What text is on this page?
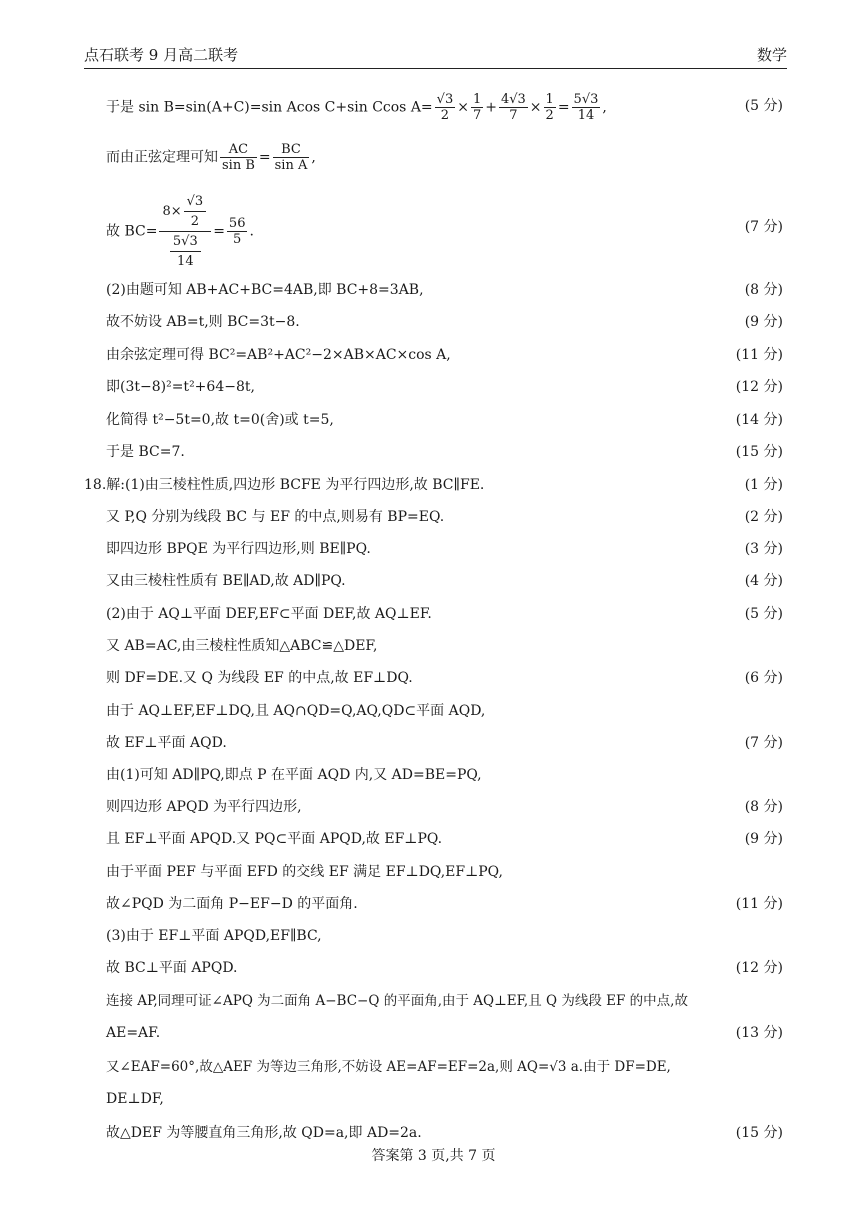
点石联考 9 月高二联考	数学
于是 sin B=sin(A+C)=sin Acos C+sin Ccos $A= \frac{√3}{2} \times \frac{1}{7} + \frac{4√3}{7} \times \frac{1}{2} = \frac{5√3}{14}$ ,	(5 分)
而由正弦定理可知 $\frac{AC}{\text{sin B}} = \frac{BC}{\text{sin A}}$ ,
故 $BC= \frac{8\times \frac{√3}{2}}{\frac{5√3}{14}} = \frac{56}{5}$ .	(7 分)
(2)由题可知 AB+AC+BC=4AB,即 BC+8=3AB,	(8 分)
故不妨设 AB=t,则 BC=3t−8.	(9 分)
由余弦定理可得 BC²=AB²+AC²−2×AB×AC×cos A,	(11 分)
即(3t−8)²=t²+64−8t,	(12 分)
化简得 t²−5t=0,故 t=0(舍)或 t=5,	(14 分)
于是 BC=7.	(15 分)
18.解:(1)由三棱柱性质,四边形 BCFE 为平行四边形,故 BC∥FE.	(1 分)
又 P,Q 分别为线段 BC 与 EF 的中点,则易有 BP=EQ.	(2 分)
即四边形 BPQE 为平行四边形,则 BE∥PQ.	(3 分)
又由三棱柱性质有 BE∥AD,故 AD∥PQ.	(4 分)
(2)由于 AQ⊥平面 DEF,EF⊂平面 DEF,故 AQ⊥EF.	(5 分)
又 AB=AC,由三棱柱性质知△ABC≌△DEF,
则 DF=DE.又 Q 为线段 EF 的中点,故 EF⊥DQ.	(6 分)
由于 AQ⊥EF,EF⊥DQ,且 AQ∩QD=Q,AQ,QD⊂平面 AQD,
故 EF⊥平面 AQD.	(7 分)
由(1)可知 AD∥PQ,即点 P 在平面 AQD 内,又 AD=BE=PQ,
则四边形 APQD 为平行四边形,	(8 分)
且 EF⊥平面 APQD.又 PQ⊂平面 APQD,故 EF⊥PQ.	(9 分)
由于平面 PEF 与平面 EFD 的交线 EF 满足 EF⊥DQ,EF⊥PQ,
故∠PQD 为二面角 P−EF−D 的平面角.	(11 分)
(3)由于 EF⊥平面 APQD,EF∥BC,
故 BC⊥平面 APQD.	(12 分)
连接 AP,同理可证∠APQ 为二面角 A−BC−Q 的平面角,由于 AQ⊥EF,且 Q 为线段 EF 的中点,故
AE=AF.	(13 分)
又∠EAF=60°,故△AEF 为等边三角形,不妨设 AE=AF=EF=2a,则 AQ=√3 a.由于 DF=DE,
DE⊥DF,
故△DEF 为等腰直角三角形,故 QD=a,即 AD=2a.	(15 分)
答案第 3 页,共 7 页
